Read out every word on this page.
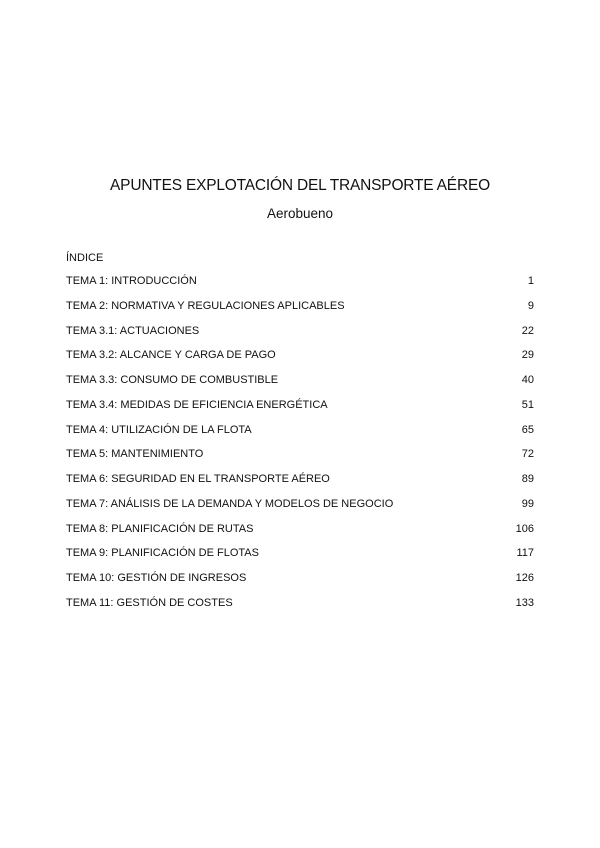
APUNTES EXPLOTACIÓN DEL TRANSPORTE AÉREO
Aerobueno
ÍNDICE
TEMA 1: INTRODUCCIÓN	1
TEMA 2: NORMATIVA Y REGULACIONES APLICABLES	9
TEMA 3.1: ACTUACIONES	22
TEMA 3.2: ALCANCE Y CARGA DE PAGO	29
TEMA 3.3: CONSUMO DE COMBUSTIBLE	40
TEMA 3.4: MEDIDAS DE EFICIENCIA ENERGÉTICA	51
TEMA 4: UTILIZACIÓN DE LA FLOTA	65
TEMA 5: MANTENIMIENTO	72
TEMA 6: SEGURIDAD EN EL TRANSPORTE AÉREO	89
TEMA 7: ANÁLISIS DE LA DEMANDA Y MODELOS DE NEGOCIO	99
TEMA 8: PLANIFICACIÓN DE RUTAS	106
TEMA 9: PLANIFICACIÓN DE FLOTAS	117
TEMA 10: GESTIÓN DE INGRESOS	126
TEMA 11: GESTIÓN DE COSTES	133
